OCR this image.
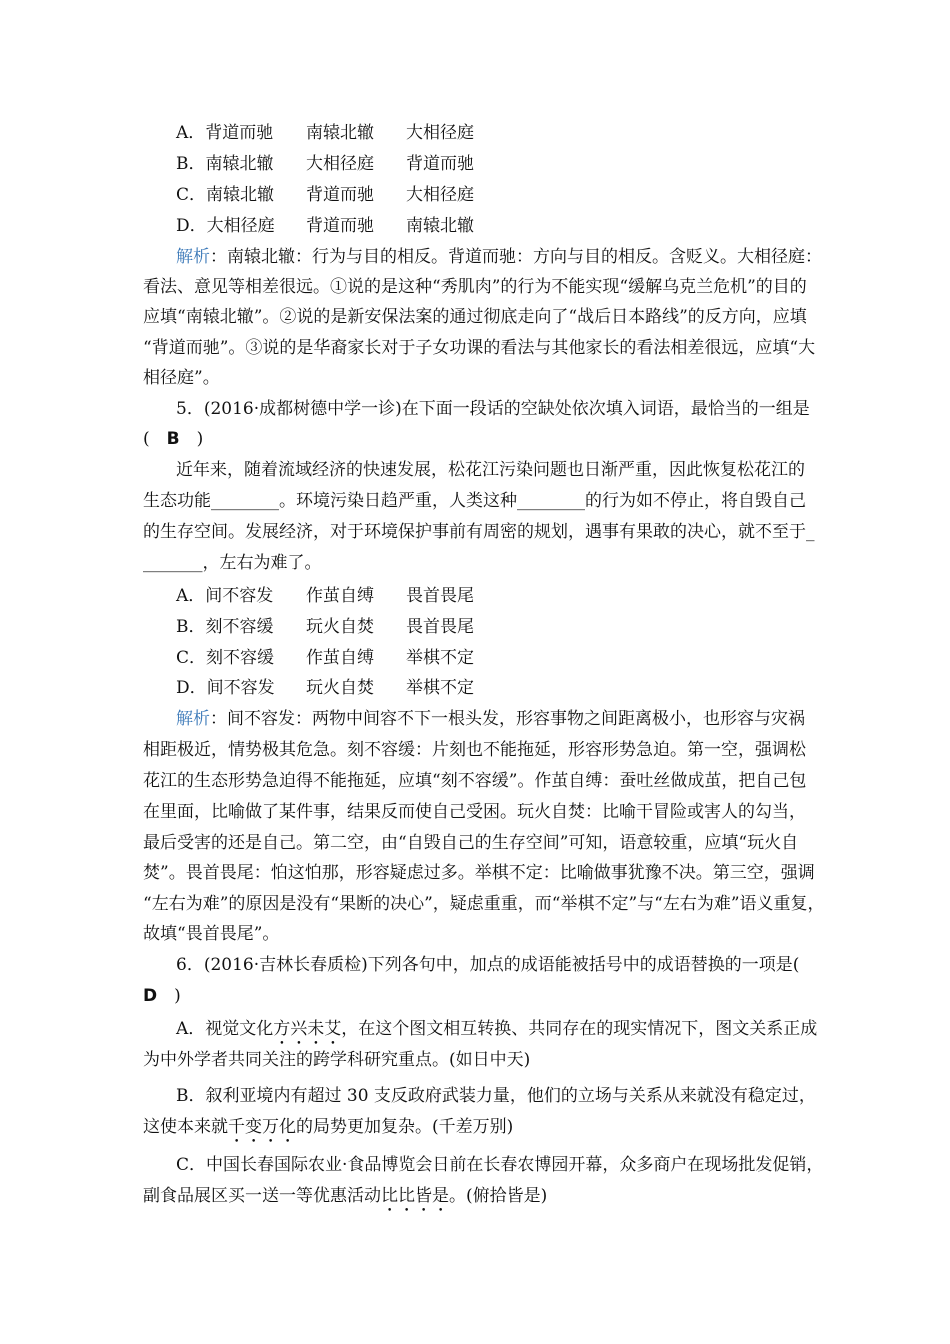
A．背道而驰 南辕北辙 大相径庭
B．南辕北辙 大相径庭 背道而驰
C．南辕北辙 背道而驰 大相径庭
D．大相径庭 背道而驰 南辕北辙
解析：南辕北辙：行为与目的相反。背道而驰：方向与目的相反。含贬义。大相径庭：
看法、意见等相差很远。①说的是这种“秀肌肉”的行为不能实现“缓解乌克兰危机”的目的
应填“南辕北辙”。②说的是新安保法案的通过彻底走向了“战后日本路线”的反方向，应填
“背道而驰”。③说的是华裔家长对于子女功课的看法与其他家长的看法相差很远，应填“大
相径庭”。
5．(2016·成都树德中学一诊)在下面一段话的空缺处依次填入词语，最恰当的一组是
(　B　)
近年来，随着流域经济的快速发展，松花江污染问题也日渐严重，因此恢复松花江的
生态功能________。环境污染日趋严重，人类这种________的行为如不停止，将自毁自己
的生存空间。发展经济，对于环境保护事前有周密的规划，遇事有果敢的决心，就不至于_
_______，左右为难了。
A．间不容发 作茧自缚 畏首畏尾
B．刻不容缓 玩火自焚 畏首畏尾
C．刻不容缓 作茧自缚 举棋不定
D．间不容发 玩火自焚 举棋不定
解析：间不容发：两物中间容不下一根头发，形容事物之间距离极小，也形容与灾祸
相距极近，情势极其危急。刻不容缓：片刻也不能拖延，形容形势急迫。第一空，强调松
花江的生态形势急迫得不能拖延，应填“刻不容缓”。作茧自缚：蚕吐丝做成茧，把自己包
在里面，比喻做了某件事，结果反而使自己受困。玩火自焚：比喻干冒险或害人的勾当，
最后受害的还是自己。第二空，由“自毁自己的生存空间”可知，语意较重，应填“玩火自
焚”。畏首畏尾：怕这怕那，形容疑虑过多。举棋不定：比喻做事犹豫不决。第三空，强调
“左右为难”的原因是没有“果断的决心”，疑虑重重，而“举棋不定”与“左右为难”语义重复，
故填“畏首畏尾”。
6．(2016·吉林长春质检)下列各句中，加点的成语能被括号中的成语替换的一项是(
D　)
A．视觉文化方兴未艾，在这个图文相互转换、共同存在的现实情况下，图文关系正成
为中外学者共同关注的跨学科研究重点。(如日中天)
B．叙利亚境内有超过 30 支反政府武装力量，他们的立场与关系从来就没有稳定过，
这使本来就千变万化的局势更加复杂。(千差万别)
C．中国长春国际农业·食品博览会日前在长春农博园开幕，众多商户在现场批发促销，
副食品展区买一送一等优惠活动比比皆是。(俯拾皆是)
